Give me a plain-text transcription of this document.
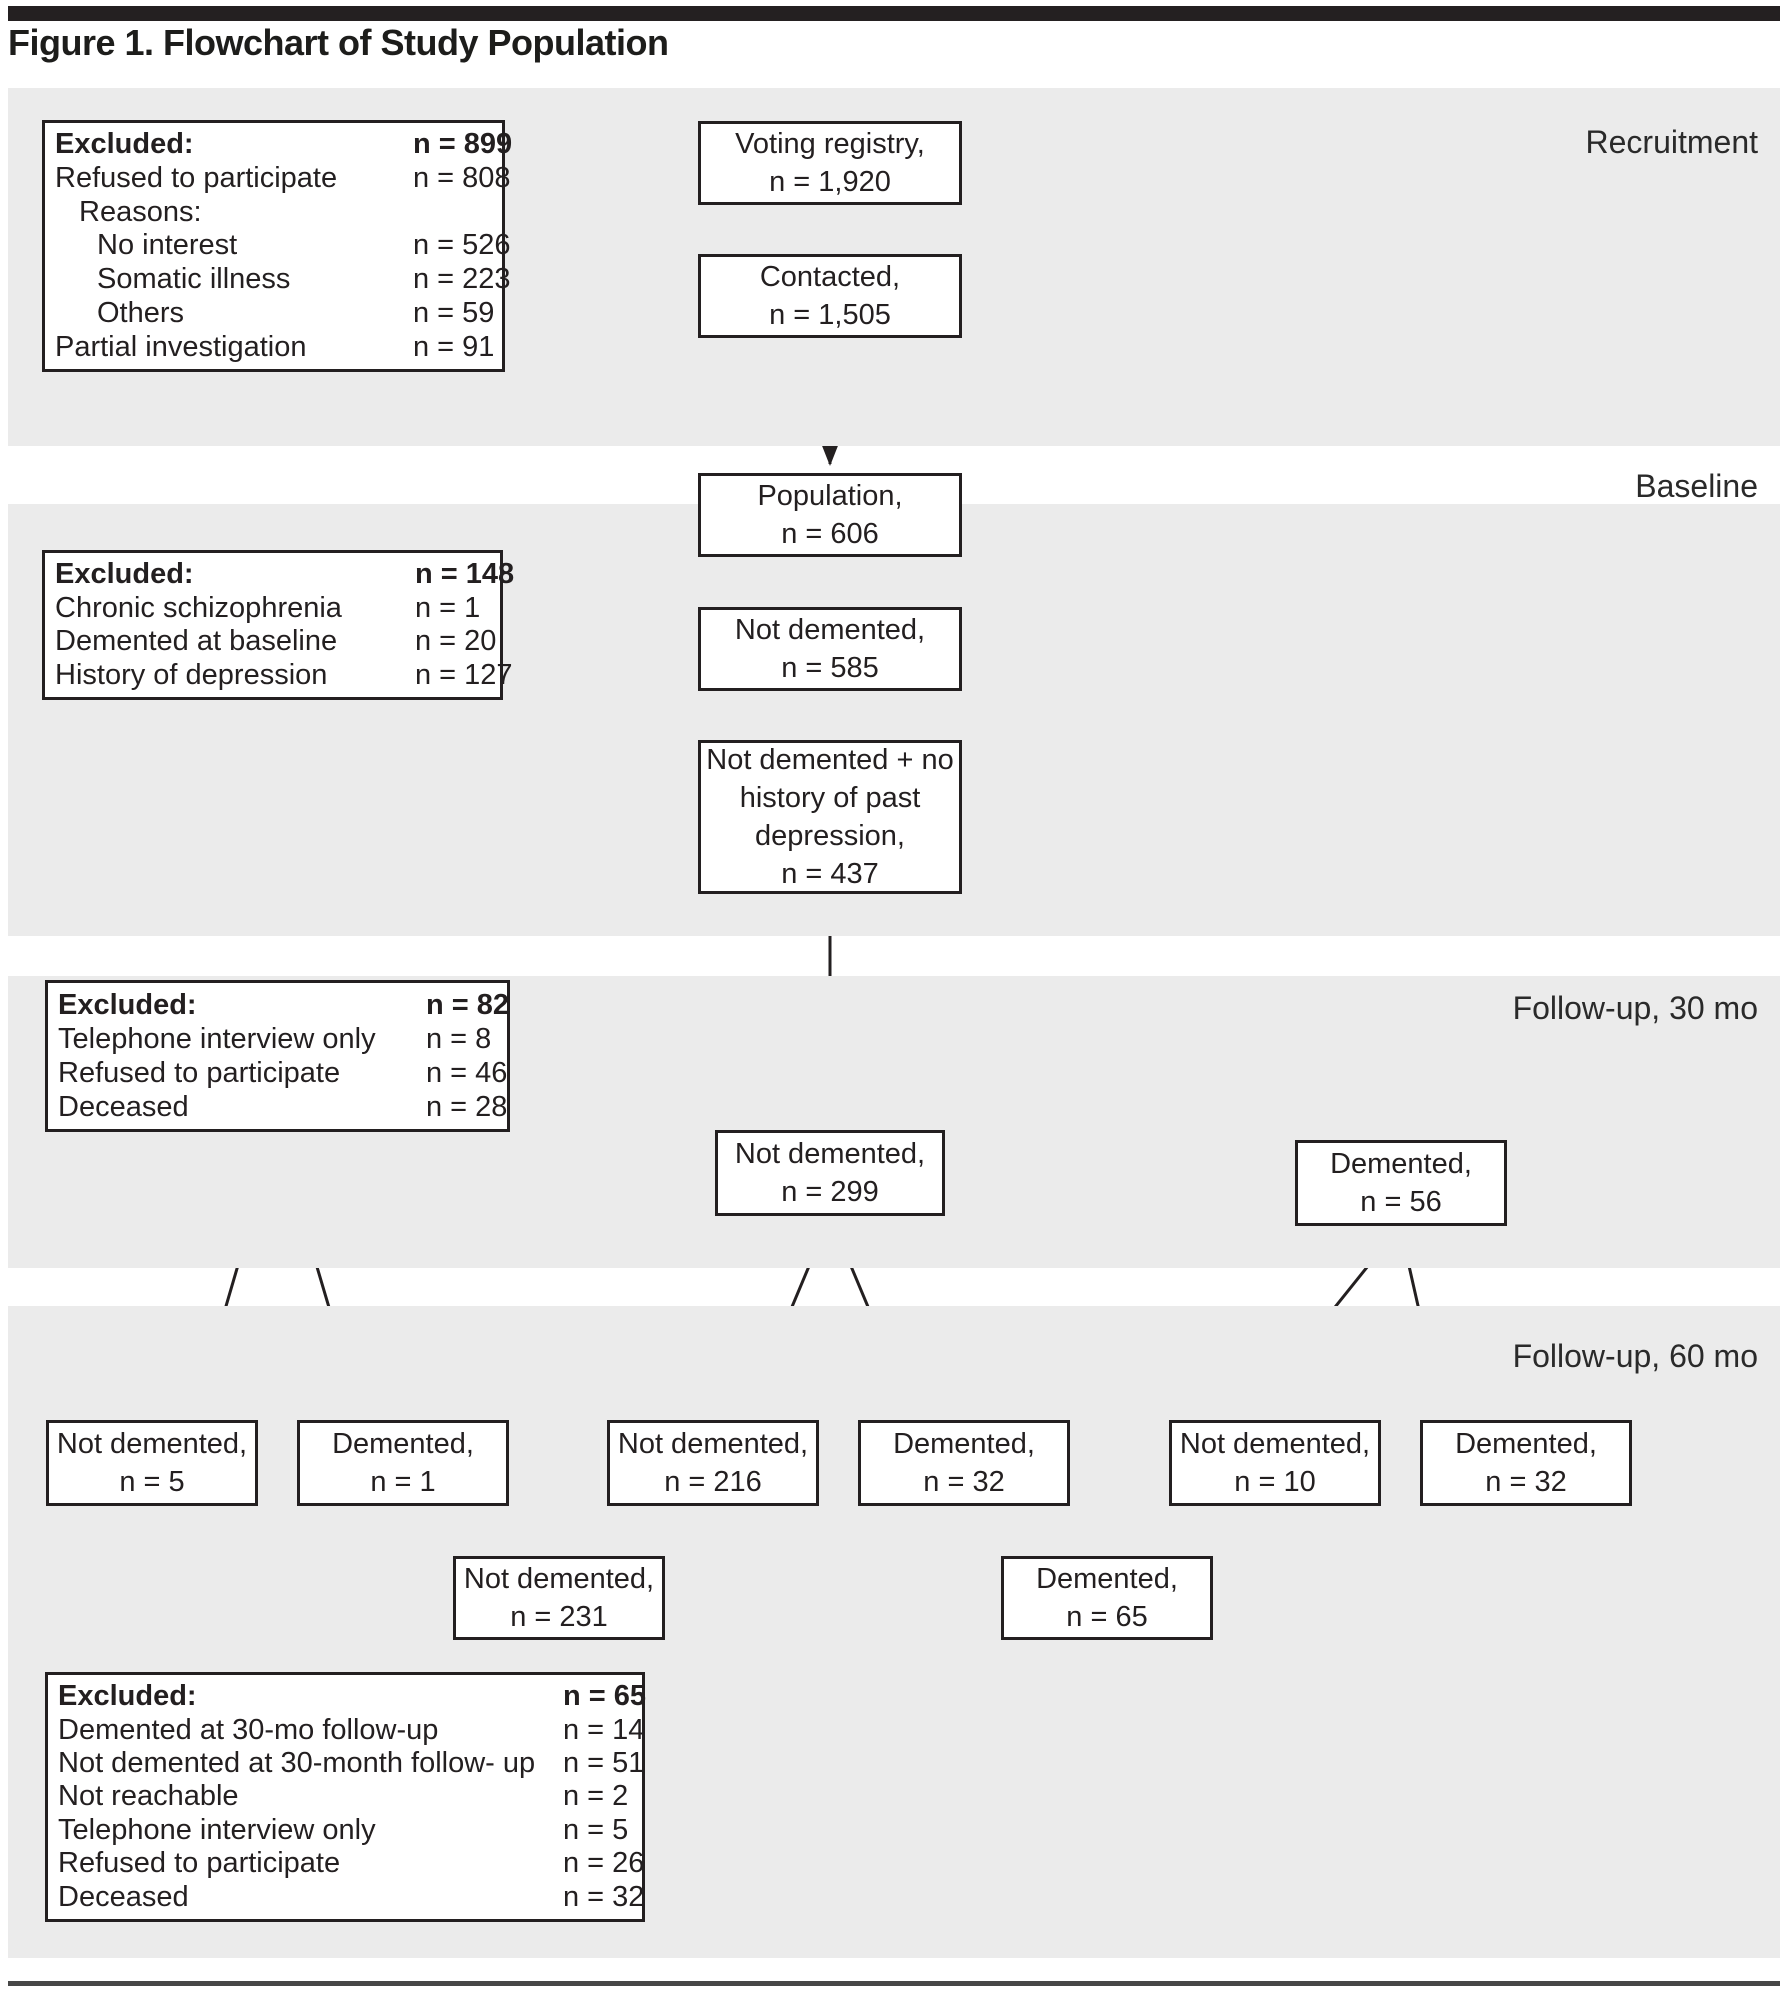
Figure 1. Flowchart of Study Population
Recruitment
Baseline
Follow-up, 30 mo
Follow-up, 60 mo
Voting registry,
n = 1,920
Contacted,
n = 1,505
Population,
n = 606
Not demented,
n = 585
Not demented + no
history of past
depression,
n = 437
Not demented,
n = 299
Demented,
n = 56
Not demented,
n = 5
Demented,
n = 1
Not demented,
n = 216
Demented,
n = 32
Not demented,
n = 10
Demented,
n = 32
Not demented,
n = 231
Demented,
n = 65
Excluded:	n = 899
Refused to participate	n = 808
Reasons:
No interest	n = 526
Somatic illness	n = 223
Others	n = 59
Partial investigation	n = 91
Excluded:	n = 148
Chronic schizophrenia	n = 1
Demented at baseline	n = 20
History of depression	n = 127
Excluded:	n = 82
Telephone interview only n = 8
Refused to participate	n = 46
Deceased	n = 28
Excluded:	n = 65
Demented at 30-mo follow-up	n = 14
Not demented at 30-month follow- up n = 51
Not reachable	n = 2
Telephone interview only	n = 5
Refused to participate	n = 26
Deceased	n = 32
